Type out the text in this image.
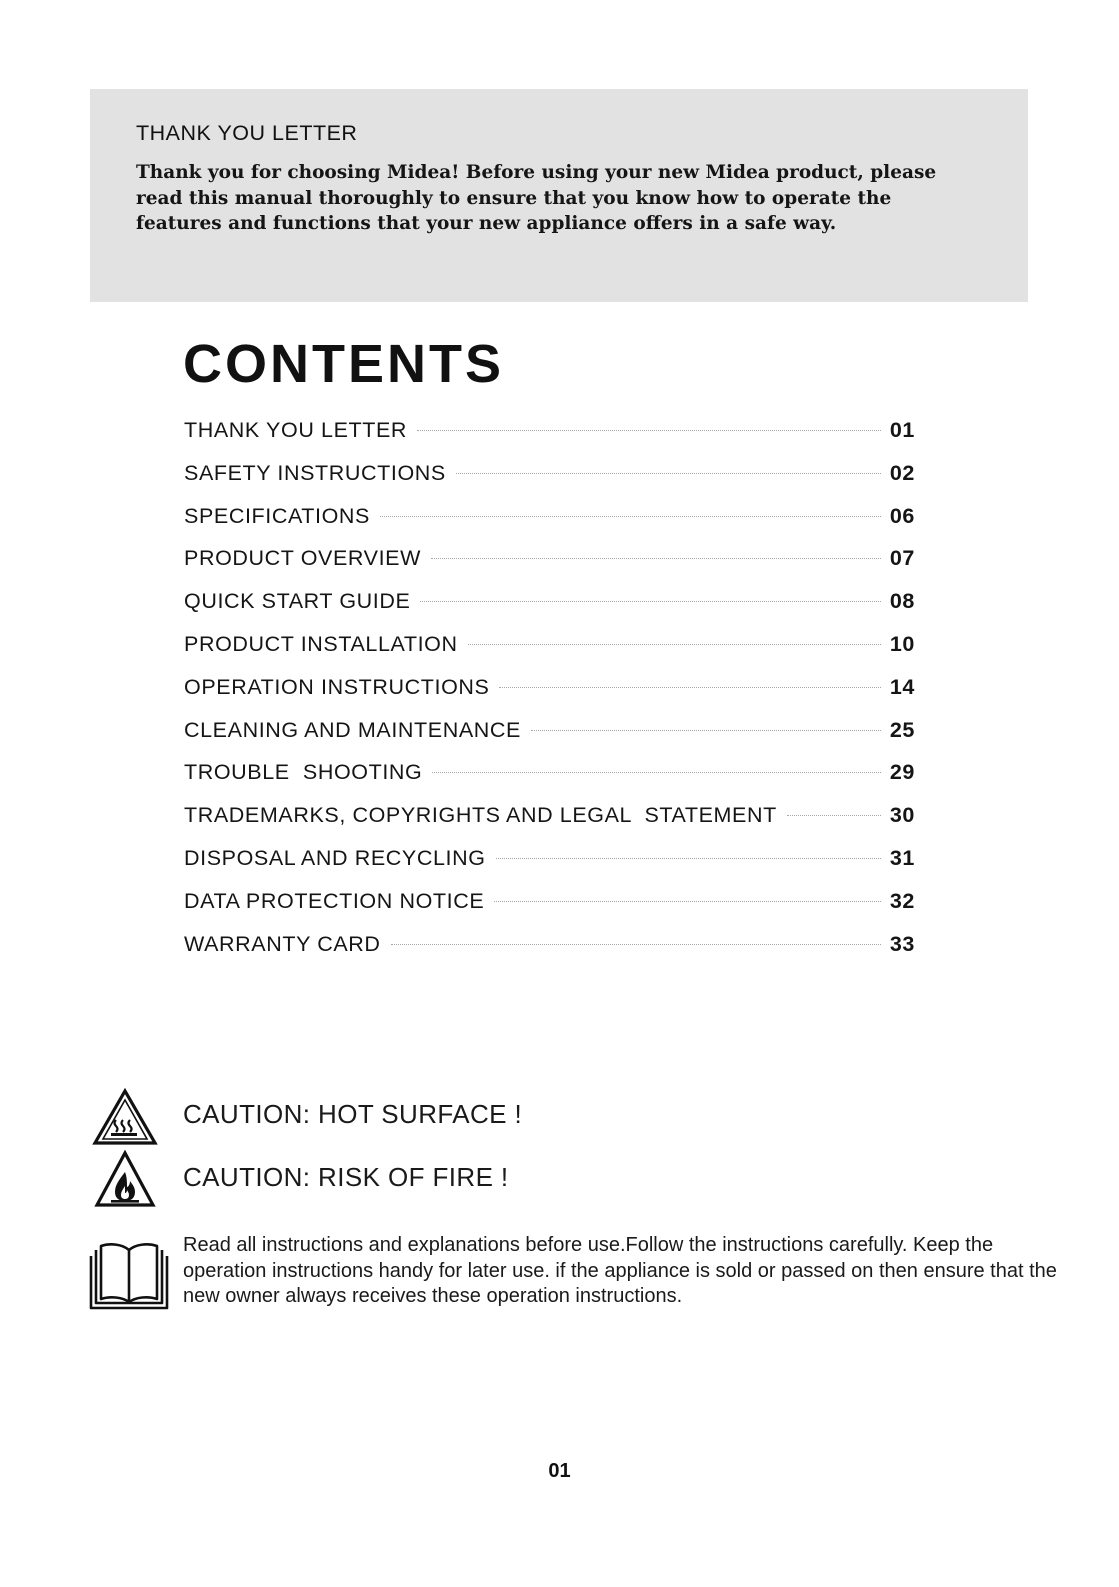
THANK YOU LETTER

Thank you for choosing Midea! Before using your new Midea product, please read this manual thoroughly to ensure that you know how to operate the features and functions that your new appliance offers in a safe way.

CONTENTS
THANK YOU LETTER	01
SAFETY INSTRUCTIONS	02
SPECIFICATIONS	06
PRODUCT OVERVIEW	07
QUICK START GUIDE	08
PRODUCT INSTALLATION	10
OPERATION INSTRUCTIONS	14
CLEANING AND MAINTENANCE	25
TROUBLE  SHOOTING	29
TRADEMARKS, COPYRIGHTS AND LEGAL  STATEMENT	30
DISPOSAL AND RECYCLING	31
DATA PROTECTION NOTICE	32
WARRANTY CARD	33
CAUTION: HOT SURFACE !
CAUTION: RISK OF FIRE !

Read all instructions and explanations before use.Follow the instructions carefully. Keep the operation instructions handy for later use. if the appliance is sold or passed on then ensure that the new owner always receives these operation instructions.

01
